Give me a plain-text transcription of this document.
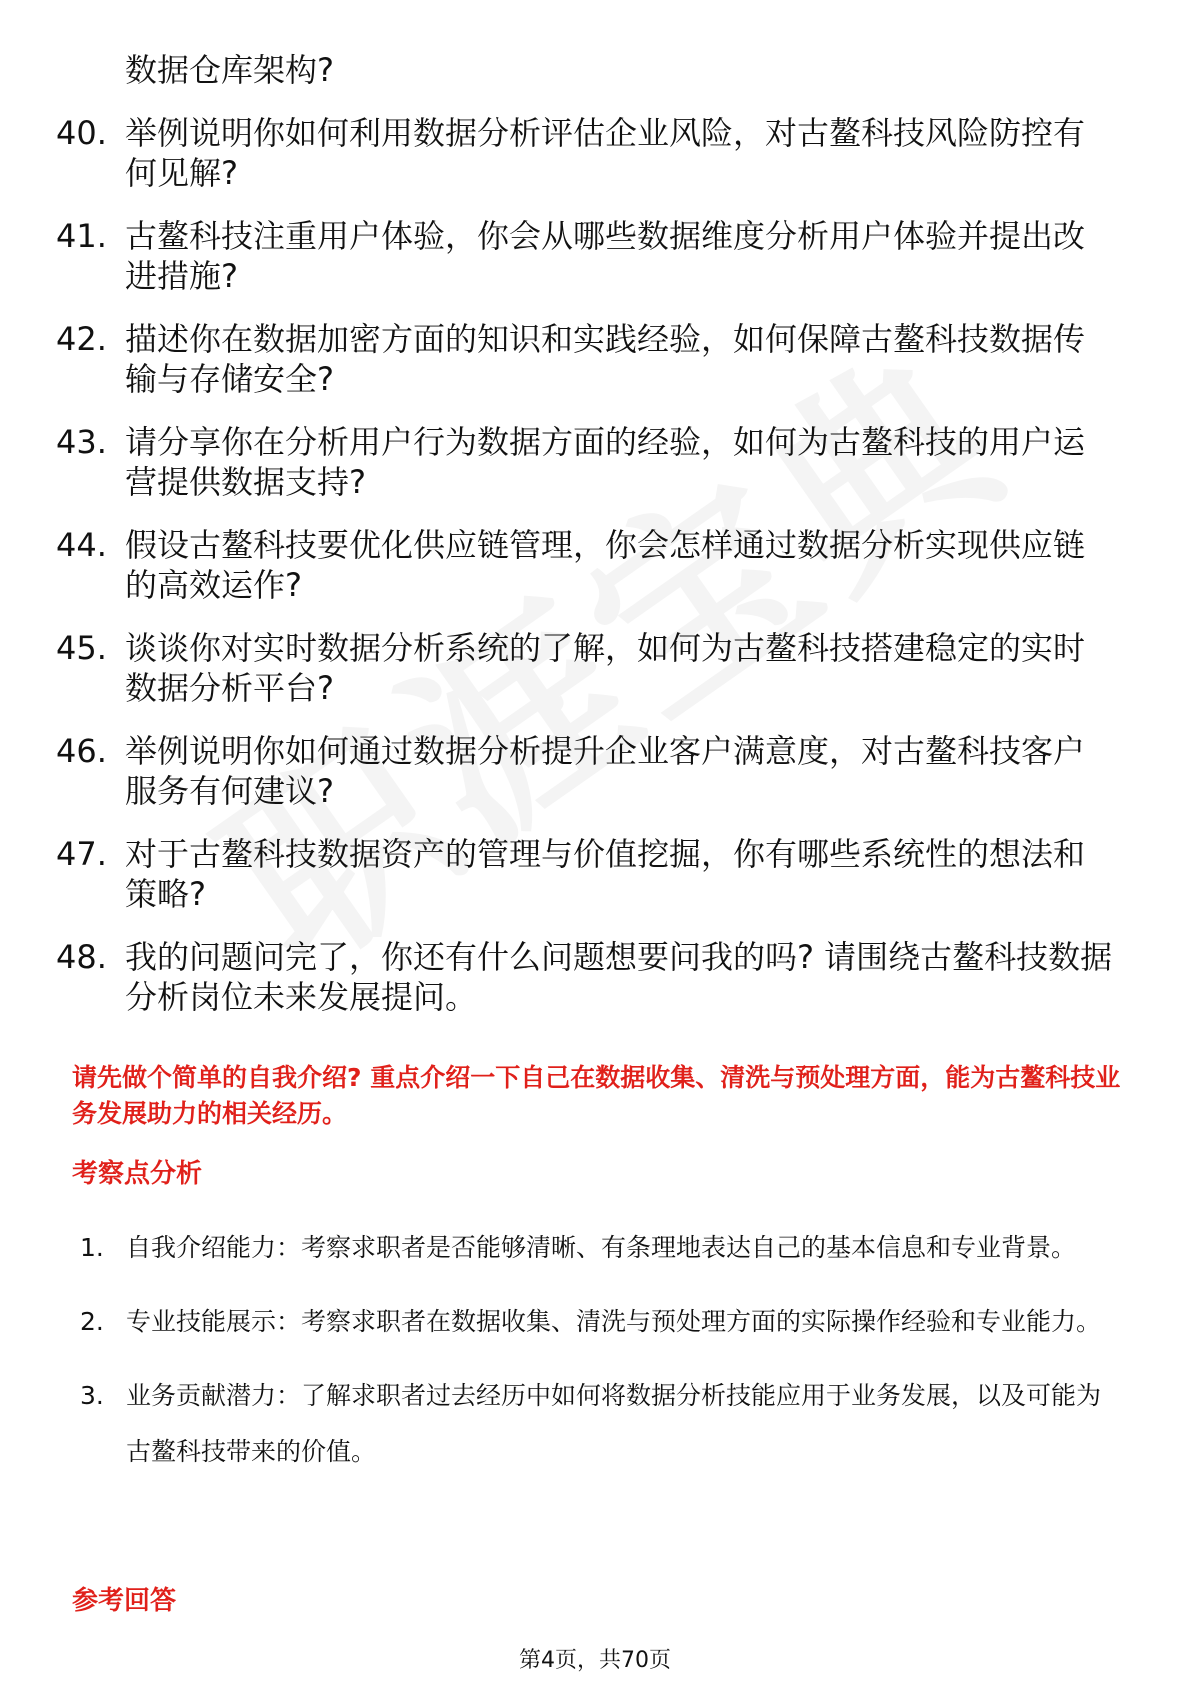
数据仓库架构?
40. 举例说明你如何利用数据分析评估企业风险，对古鳌科技风险防控有何见解?
41. 古鳌科技注重用户体验，你会从哪些数据维度分析用户体验并提出改进措施?
42. 描述你在数据加密方面的知识和实践经验，如何保障古鳌科技数据传输与存储安全?
43. 请分享你在分析用户行为数据方面的经验，如何为古鳌科技的用户运营提供数据支持?
44. 假设古鳌科技要优化供应链管理，你会怎样通过数据分析实现供应链的高效运作?
45. 谈谈你对实时数据分析系统的了解，如何为古鳌科技搭建稳定的实时数据分析平台?
46. 举例说明你如何通过数据分析提升企业客户满意度，对古鳌科技客户服务有何建议?
47. 对于古鳌科技数据资产的管理与价值挖掘，你有哪些系统性的想法和策略?
48. 我的问题问完了，你还有什么问题想要问我的吗? 请围绕古鳌科技数据分析岗位未来发展提问。
请先做个简单的自我介绍? 重点介绍一下自己在数据收集、清洗与预处理方面，能为古鳌科技业务发展助力的相关经历。
考察点分析
1. 自我介绍能力：考察求职者是否能够清晰、有条理地表达自己的基本信息和专业背景。
2. 专业技能展示：考察求职者在数据收集、清洗与预处理方面的实际操作经验和专业能力。
3. 业务贡献潜力：了解求职者过去经历中如何将数据分析技能应用于业务发展，以及可能为古鳌科技带来的价值。
参考回答
第4页，共70页
